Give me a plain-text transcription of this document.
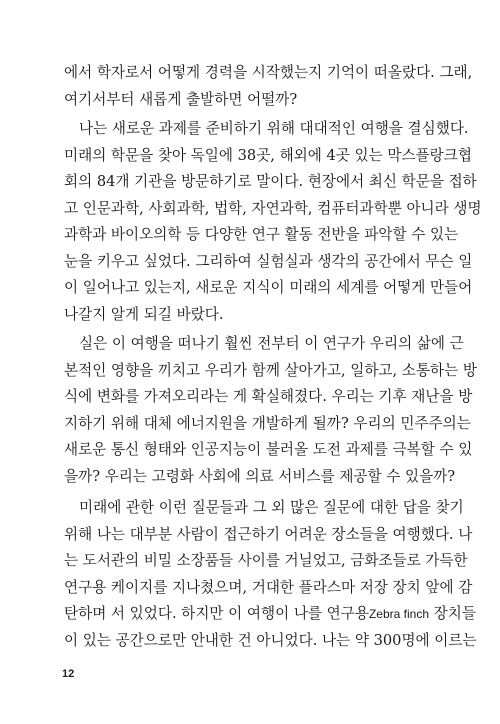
에서 학자로서 어떻게 경력을 시작했는지 기억이 떠올랐다. 그래,
여기서부터 새롭게 출발하면 어떨까?

나는 새로운 과제를 준비하기 위해 대대적인 여행을 결심했다.
미래의 학문을 찾아 독일에 38곳, 해외에 4곳 있는 막스플랑크협
회의 84개 기관을 방문하기로 말이다. 현장에서 최신 학문을 접하
고 인문과학, 사회과학, 법학, 자연과학, 컴퓨터과학뿐 아니라 생명
과학과 바이오의학 등 다양한 연구 활동 전반을 파악할 수 있는
눈을 키우고 싶었다. 그리하여 실험실과 생각의 공간에서 무슨 일
이 일어나고 있는지, 새로운 지식이 미래의 세계를 어떻게 만들어
나갈지 알게 되길 바랐다.

실은 이 여행을 떠나기 훨씬 전부터 이 연구가 우리의 삶에 근
본적인 영향을 끼치고 우리가 함께 살아가고, 일하고, 소통하는 방
식에 변화를 가져오리라는 게 확실해졌다. 우리는 기후 재난을 방
지하기 위해 대체 에너지원을 개발하게 될까? 우리의 민주주의는
새로운 통신 형태와 인공지능이 불러올 도전 과제를 극복할 수 있
을까? 우리는 고령화 사회에 의료 서비스를 제공할 수 있을까?

미래에 관한 이런 질문들과 그 외 많은 질문에 대한 답을 찾기
위해 나는 대부분 사람이 접근하기 어려운 장소들을 여행했다. 나
는 도서관의 비밀 소장품들 사이를 거닐었고, 금화조들로 가득한
연구용 케이지를 지나쳤으며, 거대한 플라스마 저장 장치 앞에 감
탄하며 서 있었다. 하지만 이 여행이 나를 연구용Zebra finch 장치들
이 있는 공간으로만 안내한 건 아니었다. 나는 약 300명에 이르는

12
